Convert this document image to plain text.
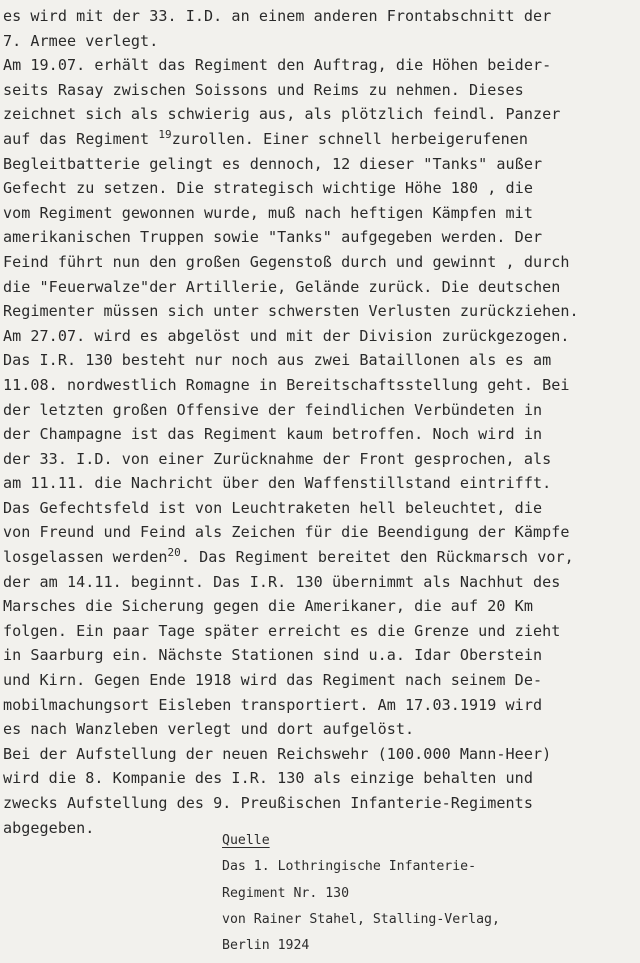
es wird mit der 33. I.D. an einem anderen Frontabschnitt der
7. Armee verlegt.
Am 19.07. erhält das Regiment den Auftrag, die Höhen beider-
seits Rasay zwischen Soissons und Reims zu nehmen. Dieses
zeichnet sich als schwierig aus, als plötzlich feindl. Panzer
auf das Regiment $^{19}$zurollen. Einer schnell herbeigerufenen
Begleitbatterie gelingt es dennoch, 12 dieser "Tanks" außer
Gefecht zu setzen. Die strategisch wichtige Höhe 180 , die
vom Regiment gewonnen wurde, muß nach heftigen Kämpfen mit
amerikanischen Truppen sowie "Tanks" aufgegeben werden. Der
Feind führt nun den großen Gegenstoß durch und gewinnt , durch
die "Feuerwalze"der Artillerie, Gelände zurück. Die deutschen
Regimenter müssen sich unter schwersten Verlusten zurückziehen.
Am 27.07. wird es abgelöst und mit der Division zurückgezogen.
Das I.R. 130 besteht nur noch aus zwei Bataillonen als es am
11.08. nordwestlich Romagne in Bereitschaftsstellung geht. Bei
der letzten großen Offensive der feindlichen Verbündeten in
der Champagne ist das Regiment kaum betroffen. Noch wird in
der 33. I.D. von einer Zurücknahme der Front gesprochen, als
am 11.11. die Nachricht über den Waffenstillstand eintrifft.
Das Gefechtsfeld ist von Leuchtraketen hell beleuchtet, die
von Freund und Feind als Zeichen für die Beendigung der Kämpfe
losgelassen werden$^{20}$. Das Regiment bereitet den Rückmarsch vor,
der am 14.11. beginnt. Das I.R. 130 übernimmt als Nachhut des
Marsches die Sicherung gegen die Amerikaner, die auf 20 Km
folgen. Ein paar Tage später erreicht es die Grenze und zieht
in Saarburg ein. Nächste Stationen sind u.a. Idar Oberstein
und Kirn. Gegen Ende 1918 wird das Regiment nach seinem De-
mobilmachungsort Eisleben transportiert. Am 17.03.1919 wird
es nach Wanzleben verlegt und dort aufgelöst.
Bei der Aufstellung der neuen Reichswehr (100.000 Mann-Heer)
wird die 8. Kompanie des I.R. 130 als einzige behalten und
zwecks Aufstellung des 9. Preußischen Infanterie-Regiments
abgegeben.
Quelle
Das 1. Lothringische Infanterie-
Regiment Nr. 130
von Rainer Stahel, Stalling-Verlag,
Berlin 1924
